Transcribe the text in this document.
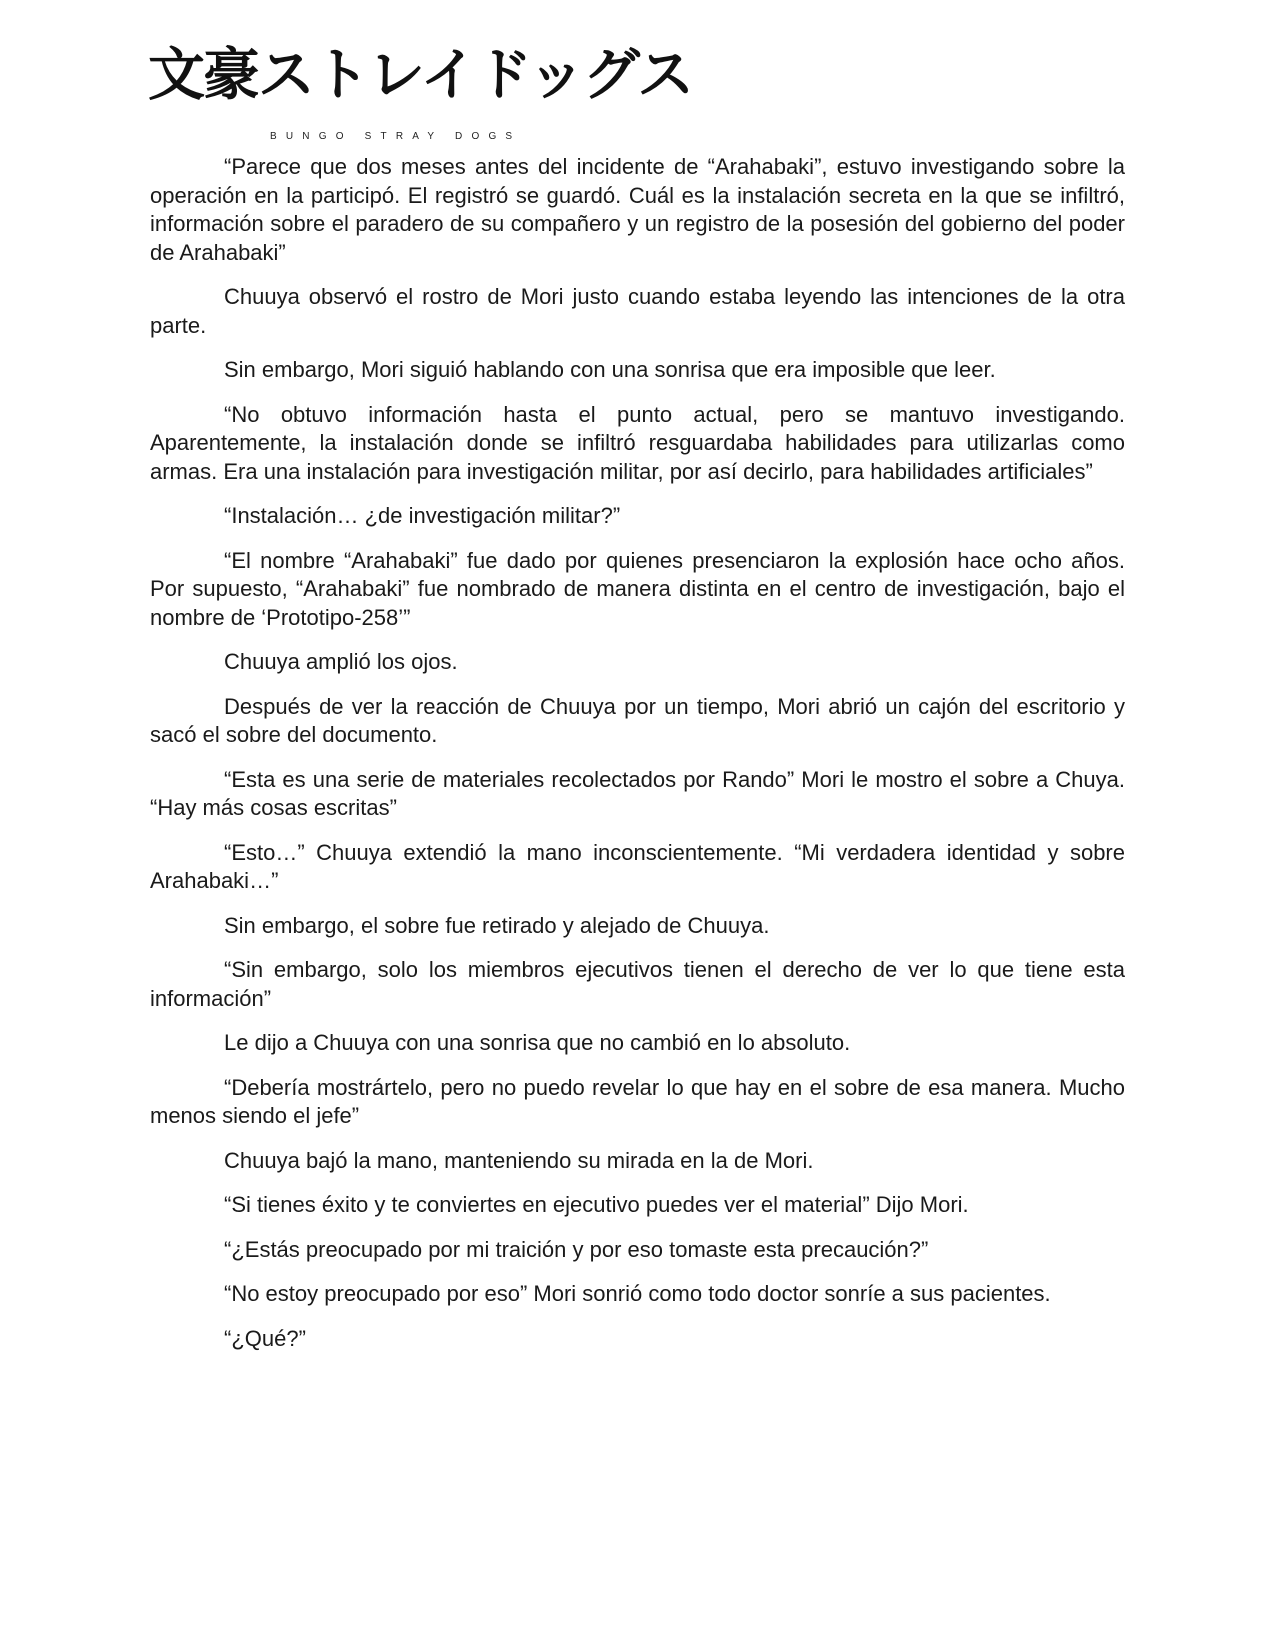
文豪ストレイドッグス
BUNGO STRAY DOGS

“Parece que dos meses antes del incidente de “Arahabaki”, estuvo investigando sobre la operación en la participó. El registró se guardó. Cuál es la instalación secreta en la que se infiltró, información sobre el paradero de su compañero y un registro de la posesión del gobierno del poder de Arahabaki”

Chuuya observó el rostro de Mori justo cuando estaba leyendo las intenciones de la otra parte.

Sin embargo, Mori siguió hablando con una sonrisa que era imposible que leer.

“No obtuvo información hasta el punto actual, pero se mantuvo investigando. Aparentemente, la instalación donde se infiltró resguardaba habilidades para utilizarlas como armas. Era una instalación para investigación militar, por así decirlo, para habilidades artificiales”

“Instalación… ¿de investigación militar?”

“El nombre “Arahabaki” fue dado por quienes presenciaron la explosión hace ocho años. Por supuesto, “Arahabaki” fue nombrado de manera distinta en el centro de investigación, bajo el nombre de ‘Prototipo-258’”

Chuuya amplió los ojos.

Después de ver la reacción de Chuuya por un tiempo, Mori abrió un cajón del escritorio y sacó el sobre del documento.

“Esta es una serie de materiales recolectados por Rando” Mori le mostro el sobre a Chuya. “Hay más cosas escritas”

“Esto…” Chuuya extendió la mano inconscientemente. “Mi verdadera identidad y sobre Arahabaki…”

Sin embargo, el sobre fue retirado y alejado de Chuuya.

“Sin embargo, solo los miembros ejecutivos tienen el derecho de ver lo que tiene esta información”

Le dijo a Chuuya con una sonrisa que no cambió en lo absoluto.

“Debería mostrártelo, pero no puedo revelar lo que hay en el sobre de esa manera. Mucho menos siendo el jefe”

Chuuya bajó la mano, manteniendo su mirada en la de Mori.

“Si tienes éxito y te conviertes en ejecutivo puedes ver el material” Dijo Mori.

“¿Estás preocupado por mi traición y por eso tomaste esta precaución?”

“No estoy preocupado por eso” Mori sonrió como todo doctor sonríe a sus pacientes.

“¿Qué?”
